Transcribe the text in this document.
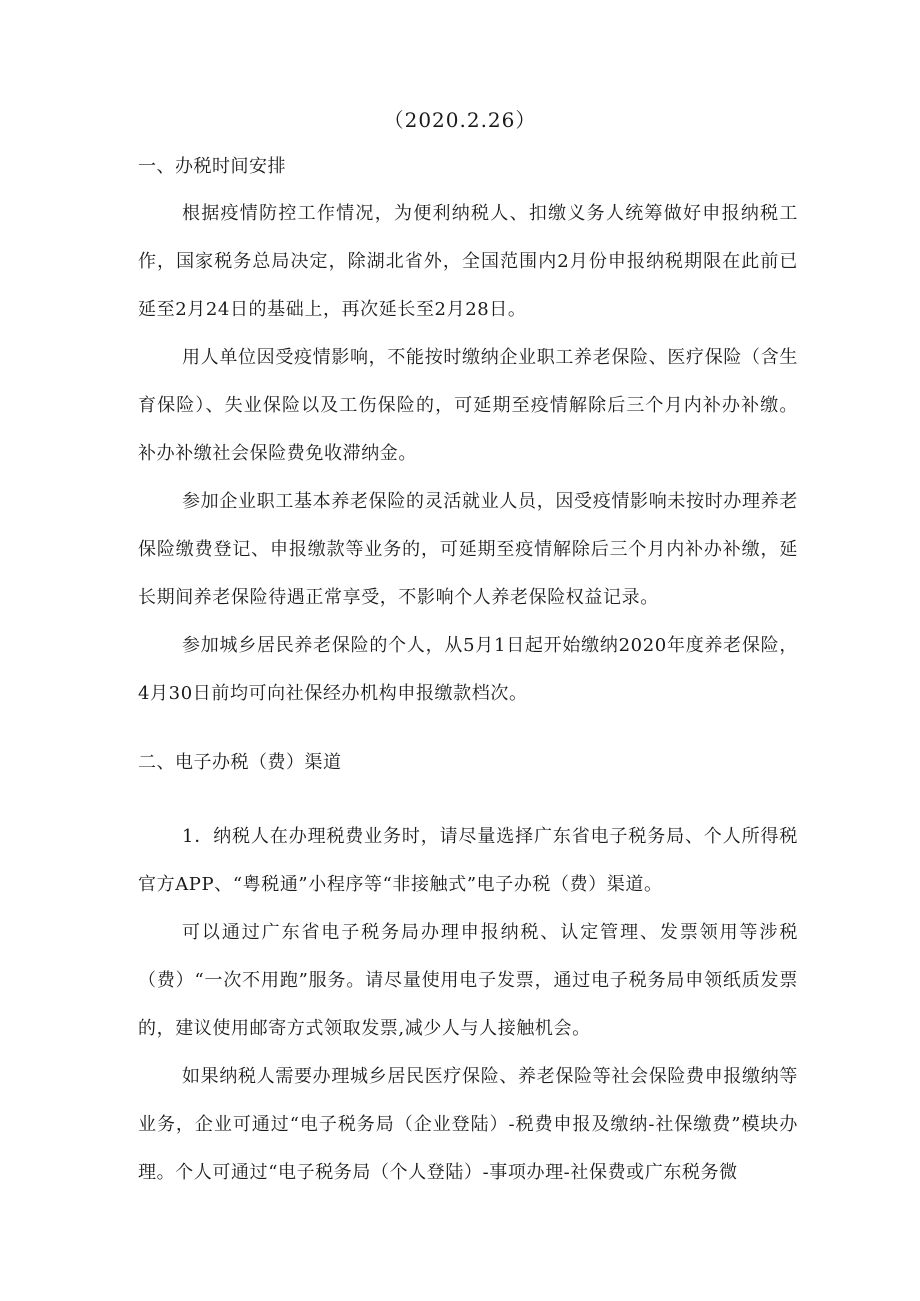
（2020.2.26）
一、办税时间安排

根据疫情防控工作情况，为便利纳税人、扣缴义务人统筹做好申报纳税工作，国家税务总局决定，除湖北省外，全国范围内2月份申报纳税期限在此前已延至2月24日的基础上，再次延长至2月28日。

用人单位因受疫情影响，不能按时缴纳企业职工养老保险、医疗保险（含生育保险）、失业保险以及工伤保险的，可延期至疫情解除后三个月内补办补缴。补办补缴社会保险费免收滞纳金。

参加企业职工基本养老保险的灵活就业人员，因受疫情影响未按时办理养老保险缴费登记、申报缴款等业务的，可延期至疫情解除后三个月内补办补缴，延长期间养老保险待遇正常享受，不影响个人养老保险权益记录。

参加城乡居民养老保险的个人，从5月1日起开始缴纳2020年度养老保险，4月30日前均可向社保经办机构申报缴款档次。

二、电子办税（费）渠道

1．纳税人在办理税费业务时，请尽量选择广东省电子税务局、个人所得税官方APP、“粤税通”小程序等“非接触式”电子办税（费）渠道。

可以通过广东省电子税务局办理申报纳税、认定管理、发票领用等涉税（费）“一次不用跑”服务。请尽量使用电子发票，通过电子税务局申领纸质发票的，建议使用邮寄方式领取发票,减少人与人接触机会。

如果纳税人需要办理城乡居民医疗保险、养老保险等社会保险费申报缴纳等业务，企业可通过“电子税务局（企业登陆）-税费申报及缴纳-社保缴费”模块办理。个人可通过“电子税务局（个人登陆）-事项办理-社保费或广东税务微
